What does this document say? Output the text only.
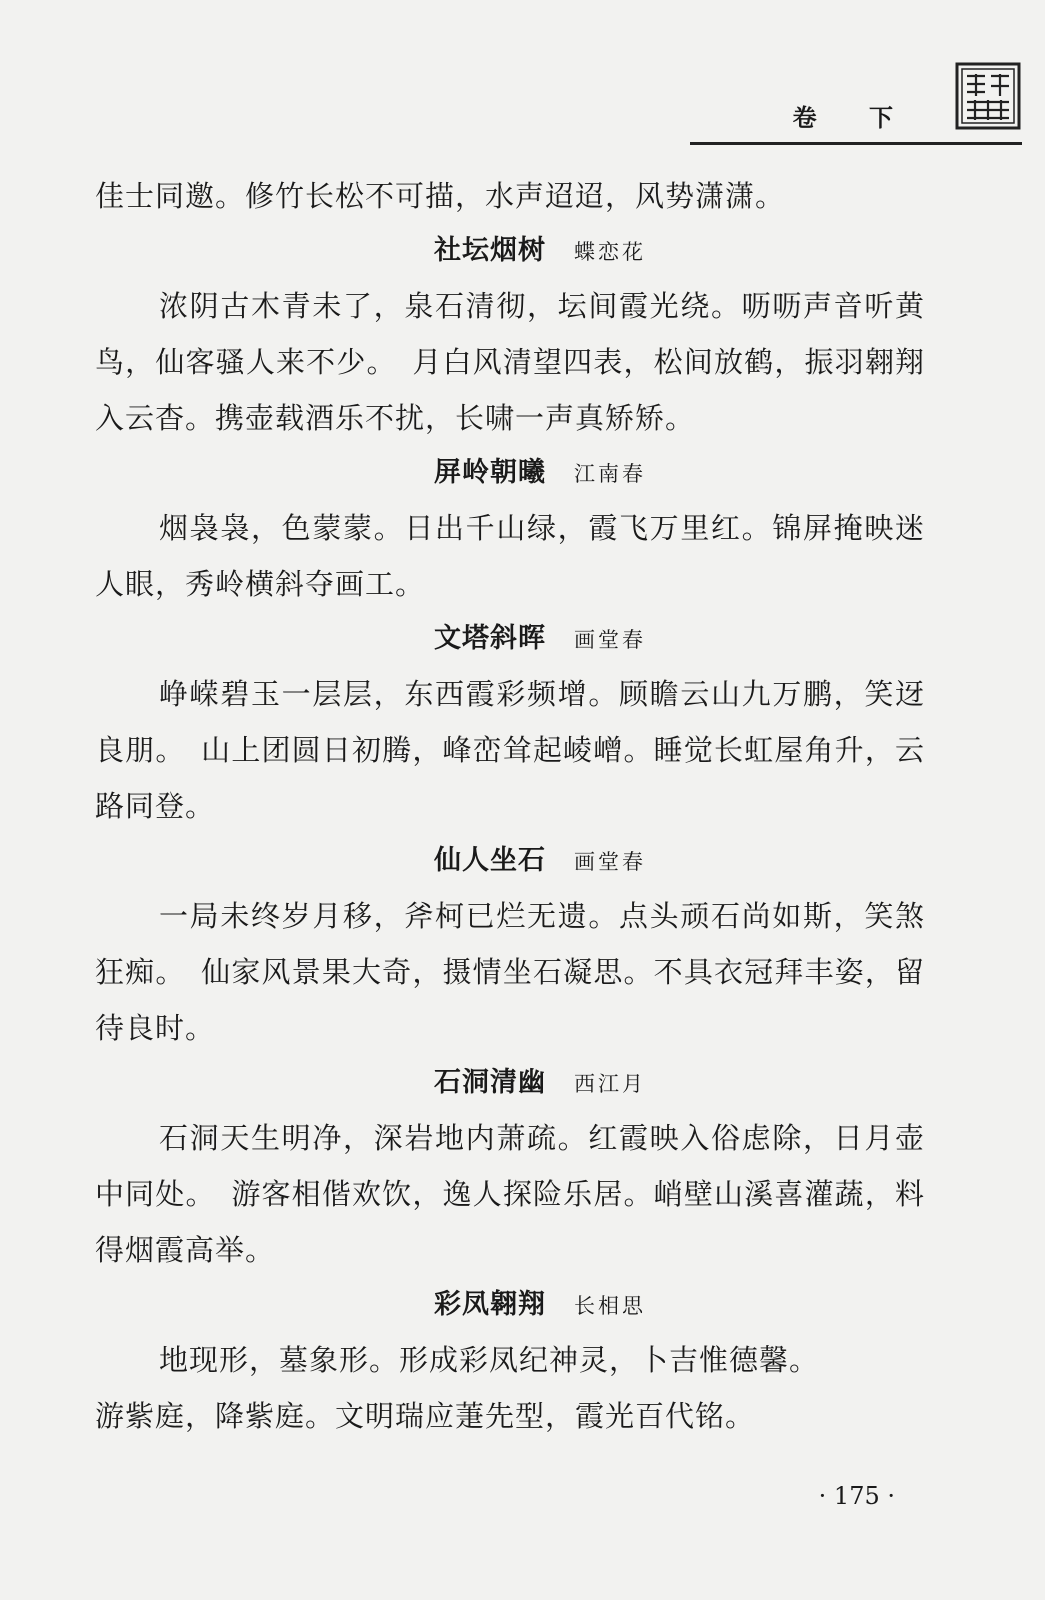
卷 下

佳士同邀。修竹长松不可描，水声迢迢，风势潇潇。

社坛烟树 蝶恋花

浓阴古木青未了，泉石清彻，坛间霞光绕。呖呖声音听黄鸟，仙客骚人来不少。　月白风清望四表，松间放鹤，振羽翱翔入云杳。携壶载酒乐不扰，长啸一声真矫矫。

屏岭朝曦 江南春

烟袅袅，色蒙蒙。日出千山绿，霞飞万里红。锦屏掩映迷人眼，秀岭横斜夺画工。

文塔斜晖 画堂春

峥嵘碧玉一层层，东西霞彩频增。顾瞻云山九万鹏，笑迓良朋。　山上团圆日初腾，峰峦耸起崚嶒。睡觉长虹屋角升，云路同登。

仙人坐石 画堂春

一局未终岁月移，斧柯已烂无遗。点头顽石尚如斯，笑煞狂痴。　仙家风景果大奇，摄情坐石凝思。不具衣冠拜丰姿，留待良时。

石洞清幽 西江月

石洞天生明净，深岩地内萧疏。红霞映入俗虑除，日月壶中同处。　游客相偕欢饮，逸人探险乐居。峭壁山溪喜灌蔬，料得烟霞高举。

彩凤翱翔 长相思

地现形，墓象形。形成彩凤纪神灵，卜吉惟德馨。

游紫庭，降紫庭。文明瑞应萐先型，霞光百代铭。

· 175 ·
